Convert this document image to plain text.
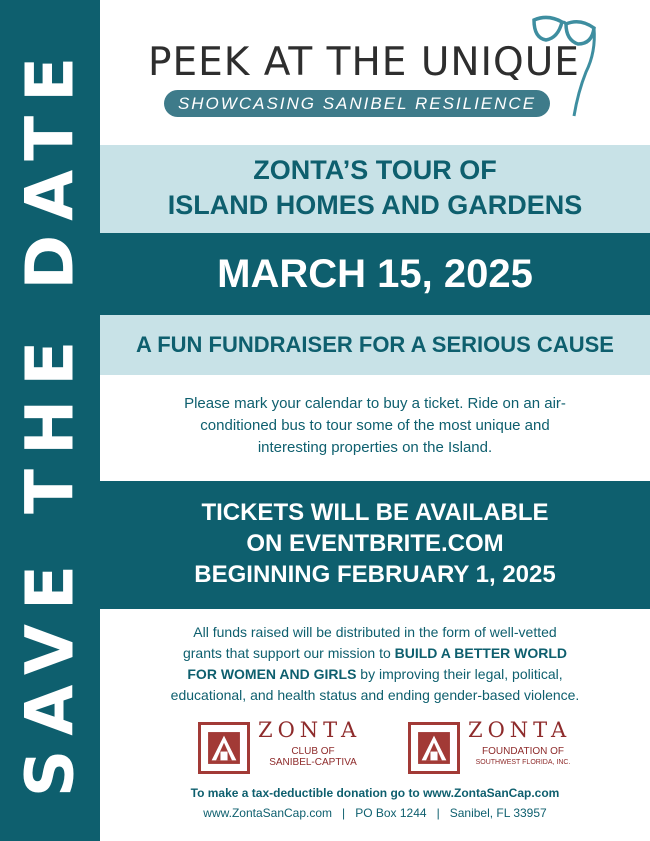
SAVE THE DATE PEEK AT THE UNIQUE
SHOWCASING SANIBEL RESILIENCE
ZONTA’S TOUR OF
ISLAND HOMES AND GARDENS
MARCH 15, 2025
A FUN FUNDRAISER FOR A SERIOUS CAUSE
Please mark your calendar to buy a ticket. Ride on an air-
conditioned bus to tour some of the most unique and
interesting properties on the Island.
TICKETS WILL BE AVAILABLE
ON EVENTBRITE.COM
BEGINNING FEBRUARY 1, 2025
All funds raised will be distributed in the form of well-vetted
grants that support our mission to BUILD A BETTER WORLD
FOR WOMEN AND GIRLS by improving their legal, political,
educational, and health status and ending gender-based violence.
ZONTA
CLUB OF
SANIBEL-CAPTIVA
ZONTA
FOUNDATION OF
SOUTHWEST FLORIDA, INC.
To make a tax-deductible donation go to www.ZontaSanCap.com
www.ZontaSanCap.com | PO Box 1244 | Sanibel, FL 33957
